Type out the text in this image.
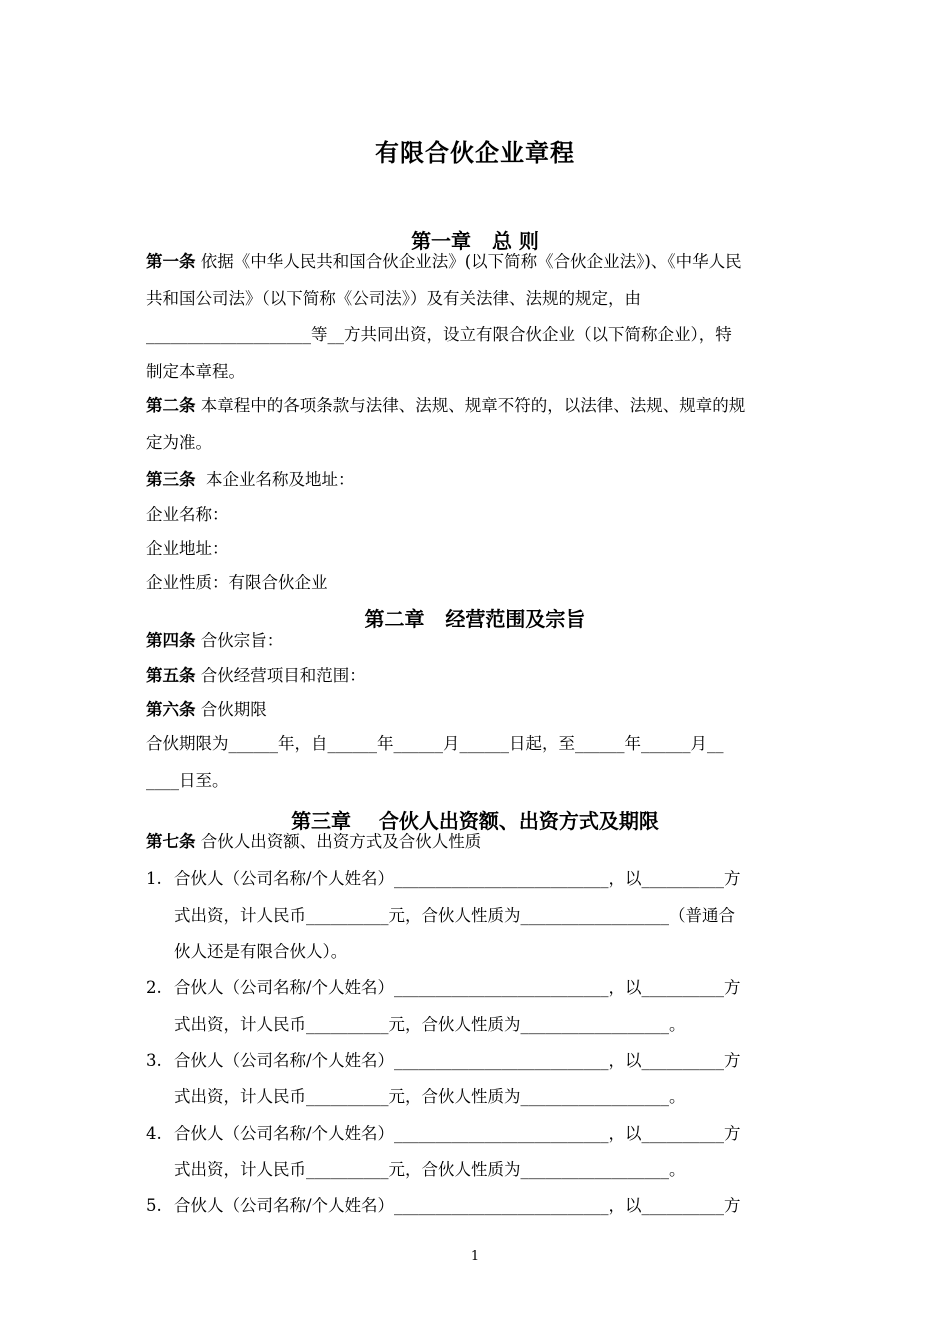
有限合伙企业章程
第一章   总 则
第一条 依据《中华人民共和国合伙企业法》(以下简称《合伙企业法》)、《中华人民
共和国公司法》（以下简称《公司法》）及有关法律、法规的规定，由
____________________等__方共同出资，设立有限合伙企业（以下简称企业），特
制定本章程。
第二条 本章程中的各项条款与法律、法规、规章不符的，以法律、法规、规章的规
定为准。
第三条  本企业名称及地址：
企业名称：
企业地址：
企业性质：有限合伙企业
第二章   经营范围及宗旨
第四条 合伙宗旨：
第五条 合伙经营项目和范围：
第六条 合伙期限
合伙期限为______年，自______年______月______日起，至______年______月__
____日至。
第三章    合伙人出资额、出资方式及期限
第七条 合伙人出资额、出资方式及合伙人性质
1. 合伙人（公司名称/个人姓名）__________________________，以__________方
式出资，计人民币__________元，合伙人性质为__________________（普通合
伙人还是有限合伙人）。
2. 合伙人（公司名称/个人姓名）__________________________，以__________方
式出资，计人民币__________元，合伙人性质为__________________。
3. 合伙人（公司名称/个人姓名）__________________________，以__________方
式出资，计人民币__________元，合伙人性质为__________________。
4. 合伙人（公司名称/个人姓名）__________________________，以__________方
式出资，计人民币__________元，合伙人性质为__________________。
5. 合伙人（公司名称/个人姓名）__________________________，以__________方
1
